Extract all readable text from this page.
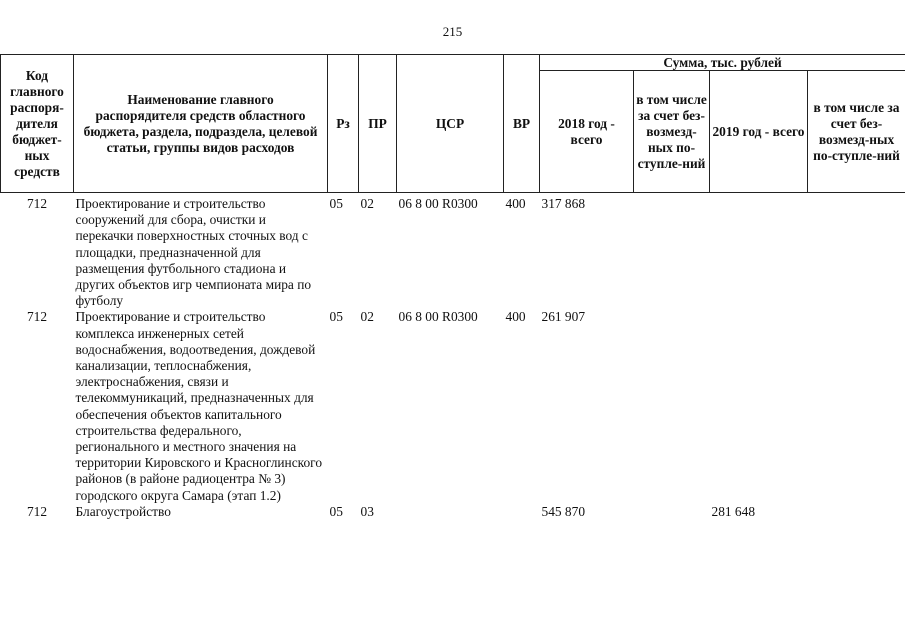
215
Код главного распоря-дителя бюджет-ных средств	Наименование главного распорядителя средств областного бюджета, раздела, подраздела, целевой статьи, группы видов расходов	Рз	ПР	ЦСР	ВР	Сумма, тыс. рублей			
						2018 год - всего	в том числе за счет без-возмезд-ных по-ступле-ний	2019 год - всего	в том числе за счет без-возмезд-ных по-ступле-ний
712	Проектирование и строительство сооружений для сбора, очистки и перекачки поверхностных сточных вод с площадки, предназначенной для размещения футбольного стадиона и других объектов игр чемпионата мира по футболу	05	02	06 8 00 R0300	400	317 868			
712	Проектирование и строительство комплекса инженерных сетей водоснабжения, водоотведения, дождевой канализации, теплоснабжения, электроснабжения, связи и телекоммуникаций, предназначенных для обеспечения объектов капитального строительства федерального, регионального и местного значения на территории Кировского и Красноглинского районов (в районе радиоцентра № 3) городского округа Самара (этап 1.2)	05	02	06 8 00 R0300	400	261 907			
712	Благоустройство	05	03			545 870		281 648	
